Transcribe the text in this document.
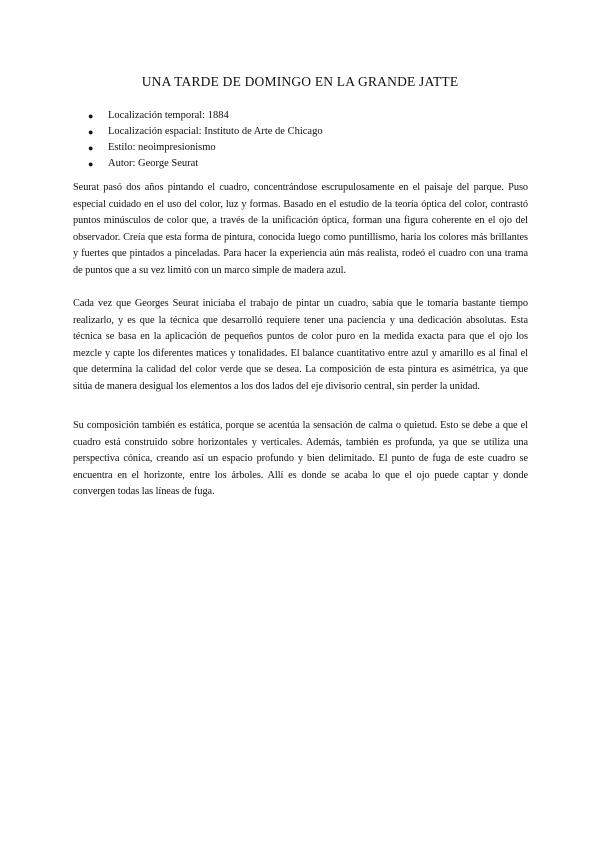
UNA TARDE DE DOMINGO EN LA GRANDE JATTE
● Localización temporal: 1884
● Localización espacial: Instituto de Arte de Chicago
● Estilo: neoimpresionismo
● Autor: George Seurat

Seurat pasó dos años pintando el cuadro, concentrándose escrupulosamente en el paisaje del parque. Puso especial cuidado en el uso del color, luz y formas. Basado en el estudio de la teoría óptica del color, contrastó puntos minúsculos de color que, a través de la unificación óptica, forman una figura coherente en el ojo del observador. Creía que esta forma de pintura, conocida luego como puntillismo, haría los colores más brillantes y fuertes que pintados a pinceladas. Para hacer la experiencia aún más realista, rodeó el cuadro con una trama de puntos que a su vez limitó con un marco simple de madera azul.

Cada vez que Georges Seurat iniciaba el trabajo de pintar un cuadro, sabía que le tomaría bastante tiempo realizarlo, y es que la técnica que desarrolló requiere tener una paciencia y una dedicación absolutas. Esta técnica se basa en la aplicación de pequeños puntos de color puro en la medida exacta para que el ojo los mezcle y capte los diferentes matices y tonalidades. El balance cuantitativo entre azul y amarillo es al final el que determina la calidad del color verde que se desea. La composición de esta pintura es asimétrica, ya que sitúa de manera desigual los elementos a los dos lados del eje divisorio central, sin perder la unidad.

Su composición también es estática, porque se acentúa la sensación de calma o quietud. Esto se debe a que el cuadro está construido sobre horizontales y verticales. Además, también es profunda, ya que se utiliza una perspectiva cónica, creando así un espacio profundo y bien delimitado. El punto de fuga de este cuadro se encuentra en el horizonte, entre los árboles. Allí es donde se acaba lo que el ojo puede captar y donde convergen todas las líneas de fuga.
